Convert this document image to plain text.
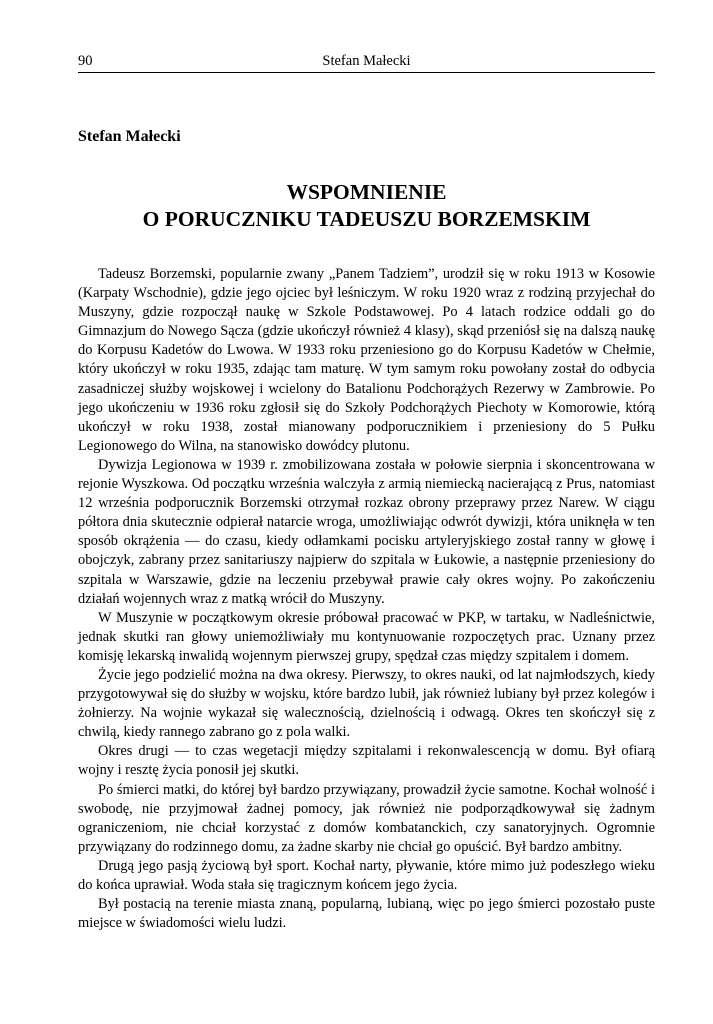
90	Stefan Małecki
Stefan Małecki
WSPOMNIENIE
O PORUCZNIKU TADEUSZU BORZEMSKIM

Tadeusz Borzemski, popularnie zwany „Panem Tadziem”, urodził się w roku 1913 w Kosowie (Karpaty Wschodnie), gdzie jego ojciec był leśniczym. W roku 1920 wraz z rodziną przyjechał do Muszyny, gdzie rozpoczął naukę w Szkole Podstawowej. Po 4 latach rodzice oddali go do Gimnazjum do Nowego Sącza (gdzie ukończył również 4 klasy), skąd przeniósł się na dalszą naukę do Korpusu Kadetów do Lwowa. W 1933 roku przeniesiono go do Korpusu Kadetów w Chełmie, który ukończył w roku 1935, zdając tam maturę. W tym samym roku powołany został do odbycia zasadniczej służby wojskowej i wcielony do Batalionu Podchorążych Rezerwy w Zambrowie. Po jego ukończeniu w 1936 roku zgłosił się do Szkoły Podchorążych Piechoty w Komorowie, którą ukończył w roku 1938, został mianowany podporucznikiem i przeniesiony do 5 Pułku Legionowego do Wilna, na stanowisko dowódcy plutonu.

Dywizja Legionowa w 1939 r. zmobilizowana została w połowie sierpnia i skoncentrowana w rejonie Wyszkowa. Od początku września walczyła z armią niemiecką nacierającą z Prus, natomiast 12 września podporucznik Borzemski otrzymał rozkaz obrony przeprawy przez Narew. W ciągu półtora dnia skutecznie odpierał natarcie wroga, umożliwiając odwrót dywizji, która uniknęła w ten sposób okrążenia — do czasu, kiedy odłamkami pocisku artyleryjskiego został ranny w głowę i obojczyk, zabrany przez sanitariuszy najpierw do szpitala w Łukowie, a następnie przeniesiony do szpitala w Warszawie, gdzie na leczeniu przebywał prawie cały okres wojny. Po zakończeniu działań wojennych wraz z matką wrócił do Muszyny.

W Muszynie w początkowym okresie próbował pracować w PKP, w tartaku, w Nadleśnictwie, jednak skutki ran głowy uniemożliwiały mu kontynuowanie rozpoczętych prac. Uznany przez komisję lekarską inwalidą wojennym pierwszej grupy, spędzał czas między szpitalem i domem.

Życie jego podzielić można na dwa okresy. Pierwszy, to okres nauki, od lat najmłodszych, kiedy przygotowywał się do służby w wojsku, które bardzo lubił, jak również lubiany był przez kolegów i żołnierzy. Na wojnie wykazał się walecznością, dzielnością i odwagą. Okres ten skończył się z chwilą, kiedy rannego zabrano go z pola walki.

Okres drugi — to czas wegetacji między szpitalami i rekonwalescencją w domu. Był ofiarą wojny i resztę życia ponosił jej skutki.

Po śmierci matki, do której był bardzo przywiązany, prowadził życie samotne. Kochał wolność i swobodę, nie przyjmował żadnej pomocy, jak również nie podporządkowywał się żadnym ograniczeniom, nie chciał korzystać z domów kombatanckich, czy sanatoryjnych. Ogromnie przywiązany do rodzinnego domu, za żadne skarby nie chciał go opuścić. Był bardzo ambitny.

Drugą jego pasją życiową był sport. Kochał narty, pływanie, które mimo już podeszłego wieku do końca uprawiał. Woda stała się tragicznym końcem jego życia.

Był postacią na terenie miasta znaną, popularną, lubianą, więc po jego śmierci pozostało puste miejsce w świadomości wielu ludzi.
